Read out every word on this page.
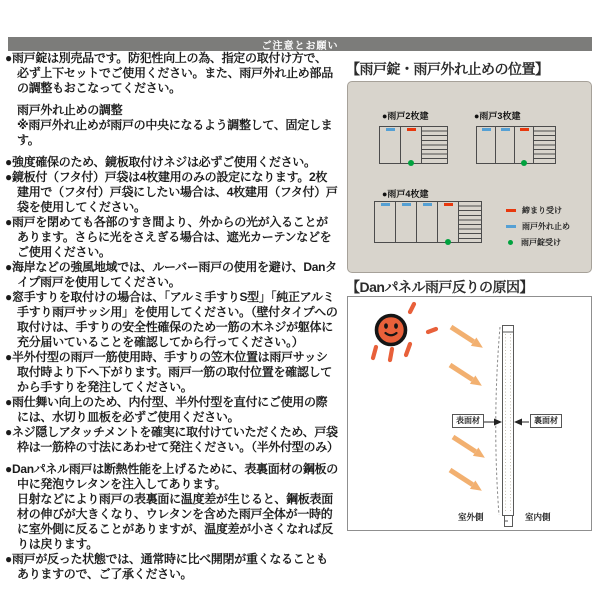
ご注意とお願い

●雨戸錠は別売品です。防犯性向上の為、指定の取付け方で、必ず上下セットでご使用ください。また、雨戸外れ止め部品の調整もおこなってください。

雨戸外れ止めの調整

※雨戸外れ止めが雨戸の中央になるよう調整して、固定します。

●強度確保のため、鏡板取付けネジは必ずご使用ください。

●鏡板付（フタ付）戸袋は4枚建用のみの設定になります。2枚建用で（フタ付）戸袋にしたい場合は、4枚建用（フタ付）戸袋を使用してください。

●雨戸を閉めても各部のすき間より、外からの光が入ることがあります。さらに光をさえぎる場合は、遮光カーテンなどをご使用ください。

●海岸などの強風地域では、ルーバー雨戸の使用を避け、Danタイプ雨戸を使用してください。

●窓手すりを取付けの場合は、「アルミ手すりS型」「純正アルミ手すり雨戸サッシ用」を使用してください。（壁付タイプへの取付けは、手すりの安全性確保のため一筋の木ネジが躯体に充分届いていることを確認してから行ってください。）

●半外付型の雨戸一筋使用時、手すりの笠木位置は雨戸サッシ取付時より下へ下がります。雨戸一筋の取付位置を確認してから手すりを発注してください。

●雨仕舞い向上のため、内付型、半外付型を直付にご使用の際には、水切り皿板を必ずご使用ください。

●ネジ隠しアタッチメントを確実に取付けていただくため、戸袋枠は一筋枠の寸法にあわせて発注ください。（半外付型のみ）

●Danパネル雨戸は断熱性能を上げるために、表裏面材の鋼板の中に発泡ウレタンを注入してあります。

日射などにより雨戸の表裏面に温度差が生じると、鋼板表面材の伸びが大きくなり、ウレタンを含めた雨戸全体が一時的に室外側に反ることがありますが、温度差が小さくなれば反りは戻ります。

●雨戸が反った状態では、通常時に比べ開閉が重くなることもありますので、ご了承ください。

【雨戸錠・雨戸外れ止めの位置】
●雨戸2枚建	●雨戸3枚建
●雨戸4枚建
締まり受け
雨戸外れ止め
雨戸錠受け
【Danパネル雨戸反りの原因】
表面材	裏面材
室外側	室内側
